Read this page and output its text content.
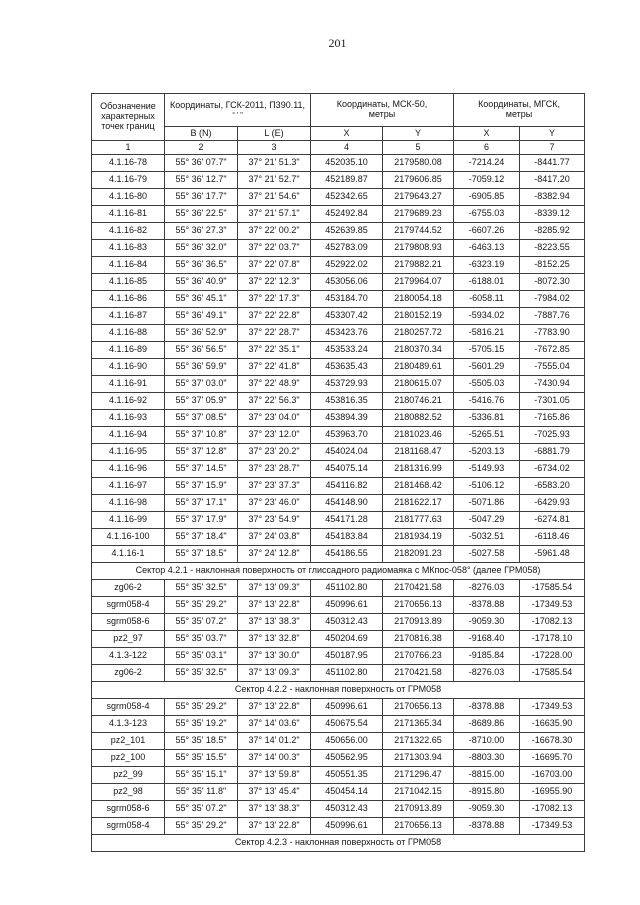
201
Обозначение характерных точек границ	
Координаты, ГСК-2011, П390.11,
° ' "

Координаты, МСК-50,
метры

Координаты, МГСК,
метры

	B (N)	L (E)	X	Y	X	Y
1	2	3	4	5	6	7
4.1.16-78	55° 36' 07.7"	37° 21' 51.3"	452035.10	2179580.08	-7214.24	-8441.77
4.1.16-79	55° 36' 12.7"	37° 21' 52.7"	452189.87	2179606.85	-7059.12	-8417.20
4.1.16-80	55° 36' 17.7"	37° 21' 54.6"	452342.65	2179643.27	-6905.85	-8382.94
4.1.16-81	55° 36' 22.5"	37° 21' 57.1"	452492.84	2179689.23	-6755.03	-8339.12
4.1.16-82	55° 36' 27.3"	37° 22' 00.2"	452639.85	2179744.52	-6607.26	-8285.92
4.1.16-83	55° 36' 32.0"	37° 22' 03.7"	452783.09	2179808.93	-6463.13	-8223.55
4.1.16-84	55° 36' 36.5"	37° 22' 07.8"	452922.02	2179882.21	-6323.19	-8152.25
4.1.16-85	55° 36' 40.9"	37° 22' 12.3"	453056.06	2179964.07	-6188.01	-8072.30
4.1.16-86	55° 36' 45.1"	37° 22' 17.3"	453184.70	2180054.18	-6058.11	-7984.02
4.1.16-87	55° 36' 49.1"	37° 22' 22.8"	453307.42	2180152.19	-5934.02	-7887.76
4.1.16-88	55° 36' 52.9"	37° 22' 28.7"	453423.76	2180257.72	-5816.21	-7783.90
4.1.16-89	55° 36' 56.5"	37° 22' 35.1"	453533.24	2180370.34	-5705.15	-7672.85
4.1.16-90	55° 36' 59.9"	37° 22' 41.8"	453635.43	2180489.61	-5601.29	-7555.04
4.1.16-91	55° 37' 03.0"	37° 22' 48.9"	453729.93	2180615.07	-5505.03	-7430.94
4.1.16-92	55° 37' 05.9"	37° 22' 56.3"	453816.35	2180746.21	-5416.76	-7301.05
4.1.16-93	55° 37' 08.5"	37° 23' 04.0"	453894.39	2180882.52	-5336.81	-7165.86
4.1.16-94	55° 37' 10.8"	37° 23' 12.0"	453963.70	2181023.46	-5265.51	-7025.93
4.1.16-95	55° 37' 12.8"	37° 23' 20.2"	454024.04	2181168.47	-5203.13	-6881.79
4.1.16-96	55° 37' 14.5"	37° 23' 28.7"	454075.14	2181316.99	-5149.93	-6734.02
4.1.16-97	55° 37' 15.9"	37° 23' 37.3"	454116.82	2181468.42	-5106.12	-6583.20
4.1.16-98	55° 37' 17.1"	37° 23' 46.0"	454148.90	2181622.17	-5071.86	-6429.93
4.1.16-99	55° 37' 17.9"	37° 23' 54.9"	454171.28	2181777.63	-5047.29	-6274.81
4.1.16-100	55° 37' 18.4"	37° 24' 03.8"	454183.84	2181934.19	-5032.51	-6118.46
4.1.16-1	55° 37' 18.5"	37° 24' 12.8"	454186.55	2182091.23	-5027.58	-5961.48
Сектор 4.2.1 - наклонная поверхность от глиссадного радиомаяка с МКпос-058° (далее ГРМ058)						
zg06-2	55° 35' 32.5"	37° 13' 09.3"	451102.80	2170421.58	-8276.03	-17585.54
sgrm058-4	55° 35' 29.2"	37° 13' 22.8"	450996.61	2170656.13	-8378.88	-17349.53
sgrm058-6	55° 35' 07.2"	37° 13' 38.3"	450312.43	2170913.89	-9059.30	-17082.13
pz2_97	55° 35' 03.7"	37° 13' 32.8"	450204.69	2170816.38	-9168.40	-17178.10
4.1.3-122	55° 35' 03.1"	37° 13' 30.0"	450187.95	2170766.23	-9185.84	-17228.00
zg06-2	55° 35' 32.5"	37° 13' 09.3"	451102.80	2170421.58	-8276.03	-17585.54
Сектор 4.2.2 - наклонная поверхность от ГРМ058						
sgrm058-4	55° 35' 29.2"	37° 13' 22.8"	450996.61	2170656.13	-8378.88	-17349.53
4.1.3-123	55° 35' 19.2"	37° 14' 03.6"	450675.54	2171365.34	-8689.86	-16635.90
pz2_101	55° 35' 18.5"	37° 14' 01.2"	450656.00	2171322.65	-8710.00	-16678.30
pz2_100	55° 35' 15.5"	37° 14' 00.3"	450562.95	2171303.94	-8803.30	-16695.70
pz2_99	55° 35' 15.1"	37° 13' 59.8"	450551.35	2171296.47	-8815.00	-16703.00
pz2_98	55° 35' 11.8"	37° 13' 45.4"	450454.14	2171042.15	-8915.80	-16955.90
sgrm058-6	55° 35' 07.2"	37° 13' 38.3"	450312.43	2170913.89	-9059.30	-17082.13
sgrm058-4	55° 35' 29.2"	37° 13' 22.8"	450996.61	2170656.13	-8378.88	-17349.53
Сектор 4.2.3 - наклонная поверхность от ГРМ058						
